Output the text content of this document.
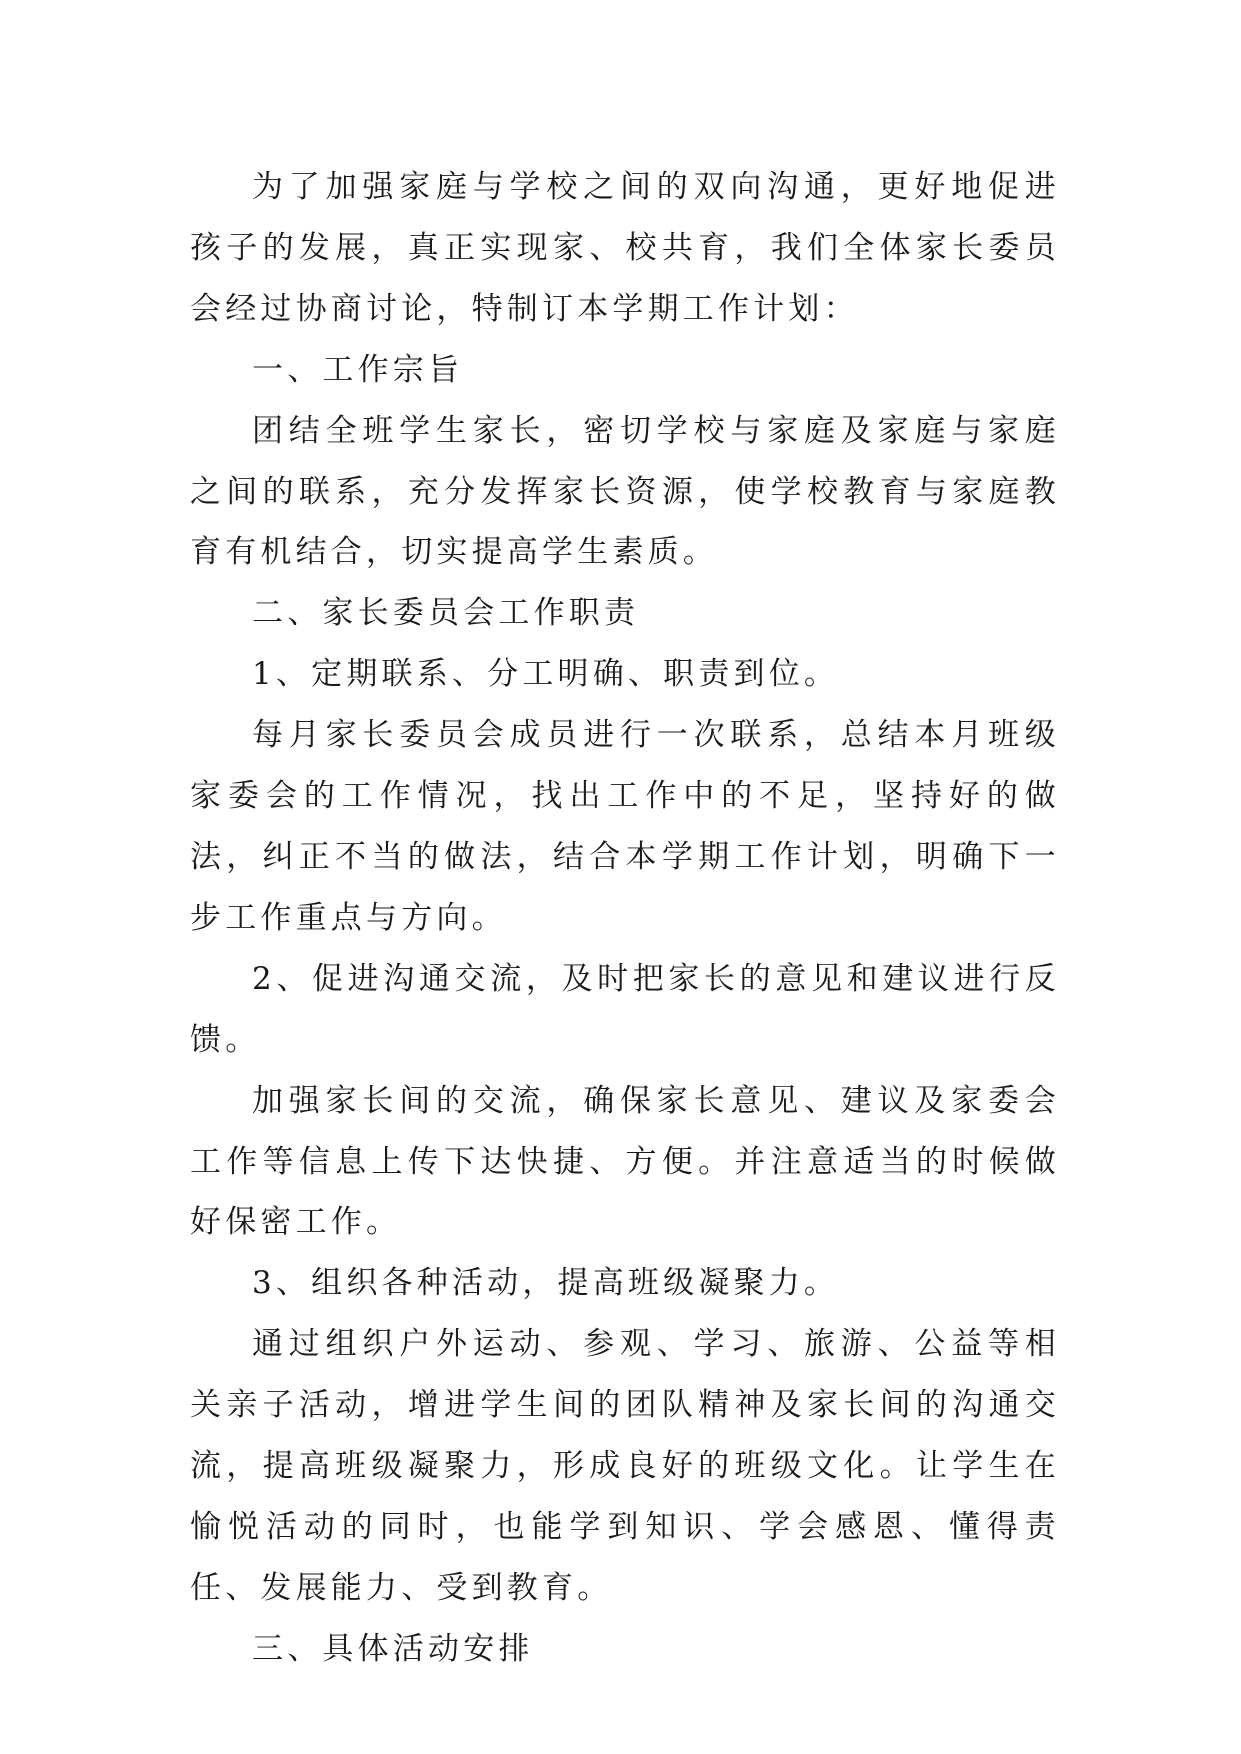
为了加强家庭与学校之间的双向沟通，更好地促进孩子的发展，真正实现家、校共育，我们全体家长委员会经过协商讨论，特制订本学期工作计划：

一、工作宗旨

团结全班学生家长，密切学校与家庭及家庭与家庭之间的联系，充分发挥家长资源，使学校教育与家庭教育有机结合，切实提高学生素质。

二、家长委员会工作职责

1、定期联系、分工明确、职责到位。

每月家长委员会成员进行一次联系，总结本月班级家委会的工作情况，找出工作中的不足，坚持好的做法，纠正不当的做法，结合本学期工作计划，明确下一步工作重点与方向。

2、促进沟通交流，及时把家长的意见和建议进行反馈。

加强家长间的交流，确保家长意见、建议及家委会工作等信息上传下达快捷、方便。并注意适当的时候做好保密工作。

3、组织各种活动，提高班级凝聚力。

通过组织户外运动、参观、学习、旅游、公益等相关亲子活动，增进学生间的团队精神及家长间的沟通交流，提高班级凝聚力，形成良好的班级文化。让学生在愉悦活动的同时，也能学到知识、学会感恩、懂得责任、发展能力、受到教育。

三、具体活动安排
